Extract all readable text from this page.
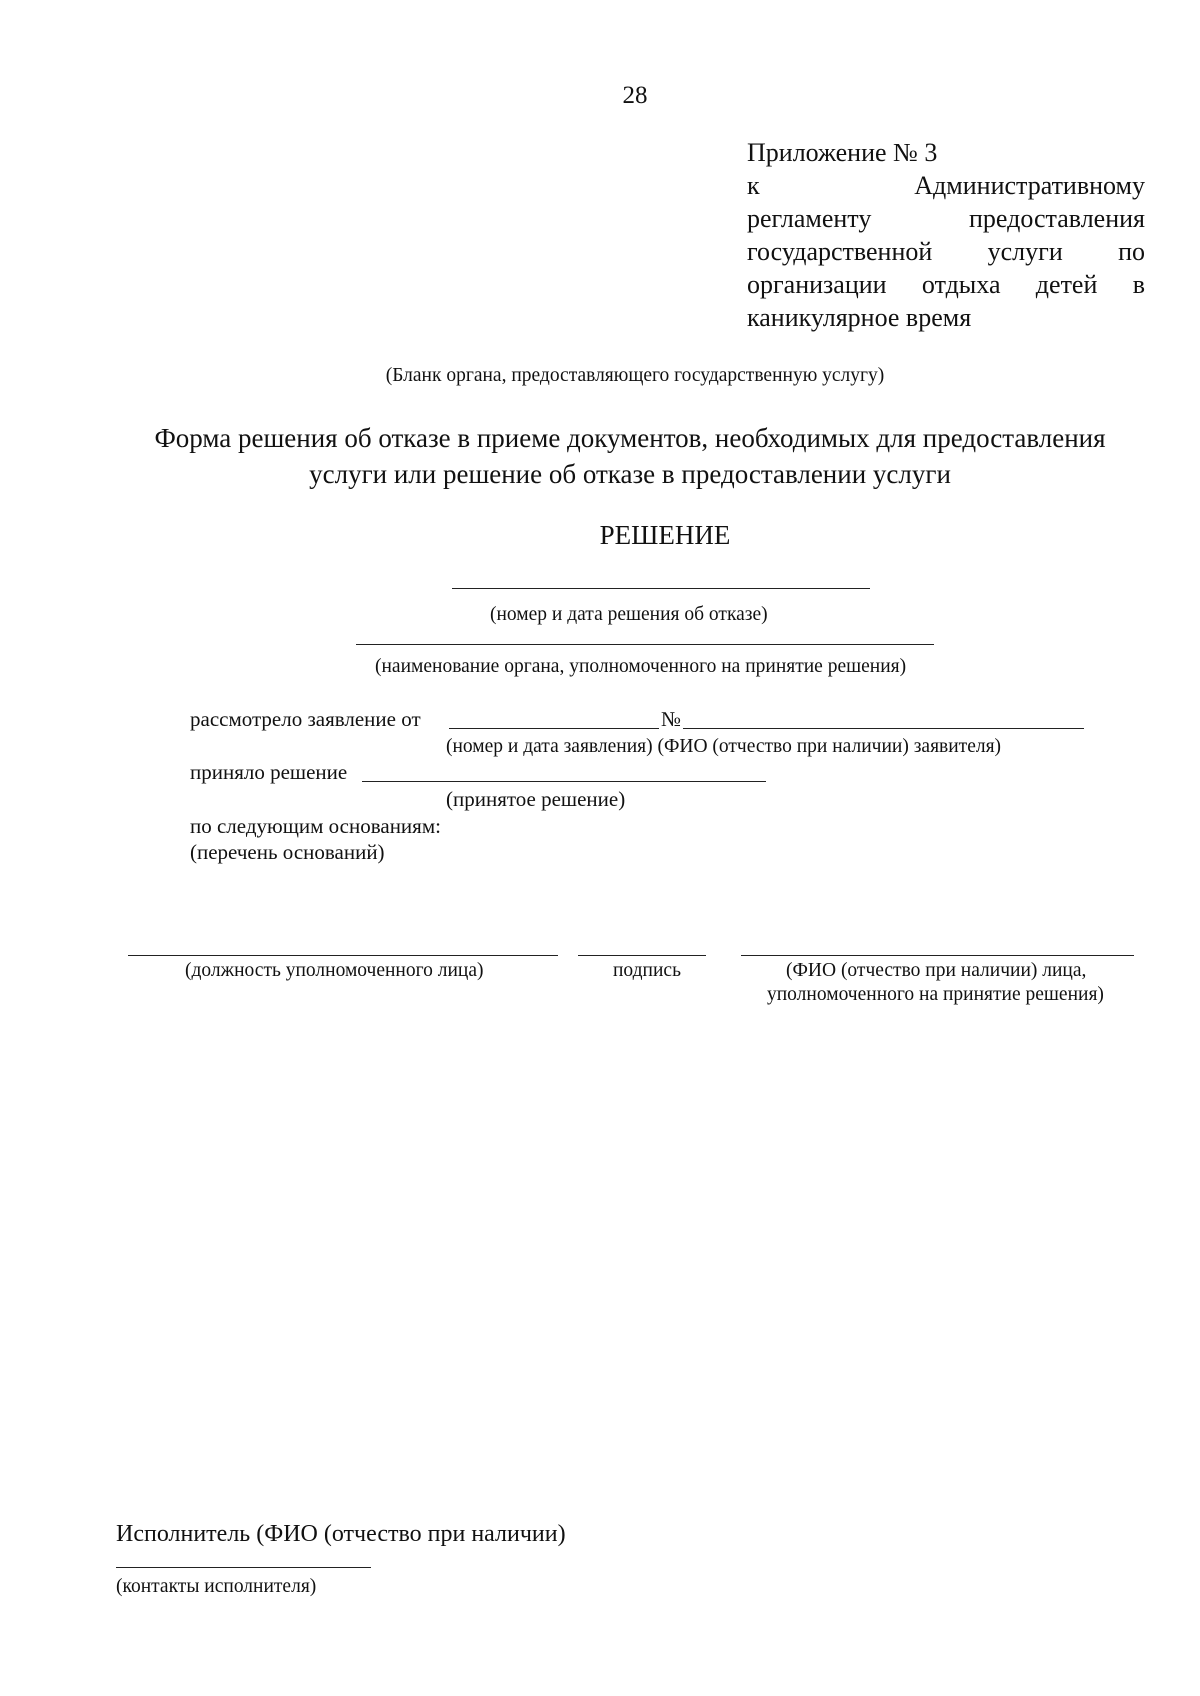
28
Приложение № 3
к	Административному
регламенту	предоставления
государственной услуги по
организации отдыха детей в
каникулярное время
(Бланк органа, предоставляющего государственную услугу)
Форма решения об отказе в приеме документов, необходимых для предоставления
услуги или решение об отказе в предоставлении услуги
РЕШЕНИЕ
(номер и дата решения об отказе)
(наименование органа, уполномоченного на принятие решения)
рассмотрело заявление от	№
(номер и дата заявления) (ФИО (отчество при наличии) заявителя)
приняло решение
(принятое решение)
по следующим основаниям:
(перечень оснований)
(должность уполномоченного лица)	подпись	(ФИО (отчество при наличии) лица,
уполномоченного на принятие решения)
Исполнитель (ФИО (отчество при наличии)
(контакты исполнителя)
